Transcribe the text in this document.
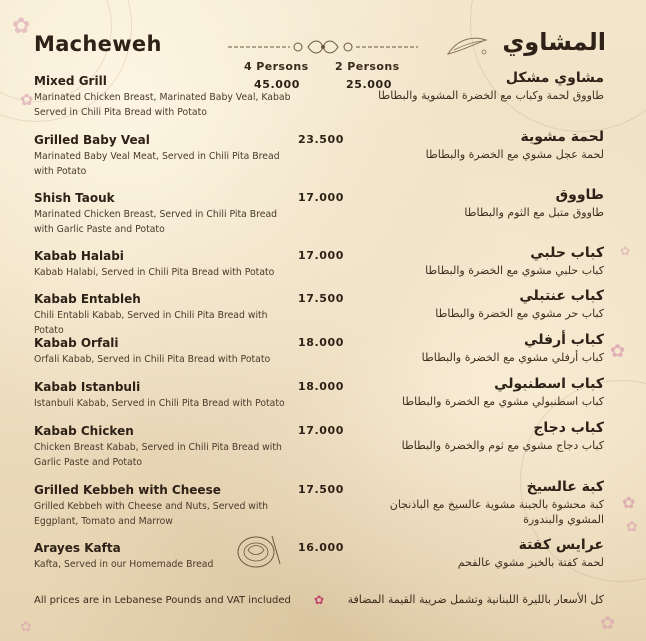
✿
✿
✿
✿
✿
✿
✿	✿
Macheweh	المشاوي
4 Persons 2 Persons
Mixed Grill
Marinated Chicken Breast, Marinated Baby Veal, Kabab Served in Chili Pita Bread with Potato
45.000	25.000	مشاوي مشكل
طاووق لحمة وكباب مع الخضرة المشوية والبطاطا
Grilled Baby Veal
Marinated Baby Veal Meat, Served in Chili Pita Bread with Potato
23.500	لحمة مشوية
لحمة عجل مشوي مع الخضرة والبطاطا
Shish Taouk
Marinated Chicken Breast, Served in Chili Pita Bread with Garlic Paste and Potato
17.000	طاووق
طاووق متبل مع الثوم والبطاطا
Kabab Halabi
Kabab Halabi, Served in Chili Pita Bread with Potato
17.000	كباب حلبي
كباب حلبي مشوي مع الخضرة والبطاطا
Kabab Entableh
Chili Entabli Kabab, Served in Chili Pita Bread with Potato
17.500	كباب عنتبلي
كباب حر مشوي مع الخضرة والبطاطا
Kabab Orfali
Orfali Kabab, Served in Chili Pita Bread with Potato
18.000	كباب أرفلي
كباب أرفلي مشوي مع الخضرة والبطاطا
Kabab Istanbuli
Istanbuli Kabab, Served in Chili Pita Bread with Potato
18.000	كباب اسطنبولي
كباب اسطنبولي مشوي مع الخضرة والبطاطا
Kabab Chicken
Chicken Breast Kabab, Served in Chili Pita Bread with Garlic Paste and Potato
17.000	كباب دجاج
كباب دجاج مشوي مع ثوم والخضرة والبطاطا
Grilled Kebbeh with Cheese
Grilled Kebbeh with Cheese and Nuts, Served with Eggplant, Tomato and Marrow
17.500	كبة عالسيخ
كبة محشوة بالجبنة مشوية عالسيخ مع الباذنجان المشوي والبندورة
Arayes Kafta
Kafta, Served in our Homemade Bread
16.000	عرايس كفتة
لحمة كفتة بالخبز مشوي عالفحم
All prices are in Lebanese Pounds and VAT included ✿ كل الأسعار بالليرة اللبنانية وتشمل ضريبة القيمة المضافة
